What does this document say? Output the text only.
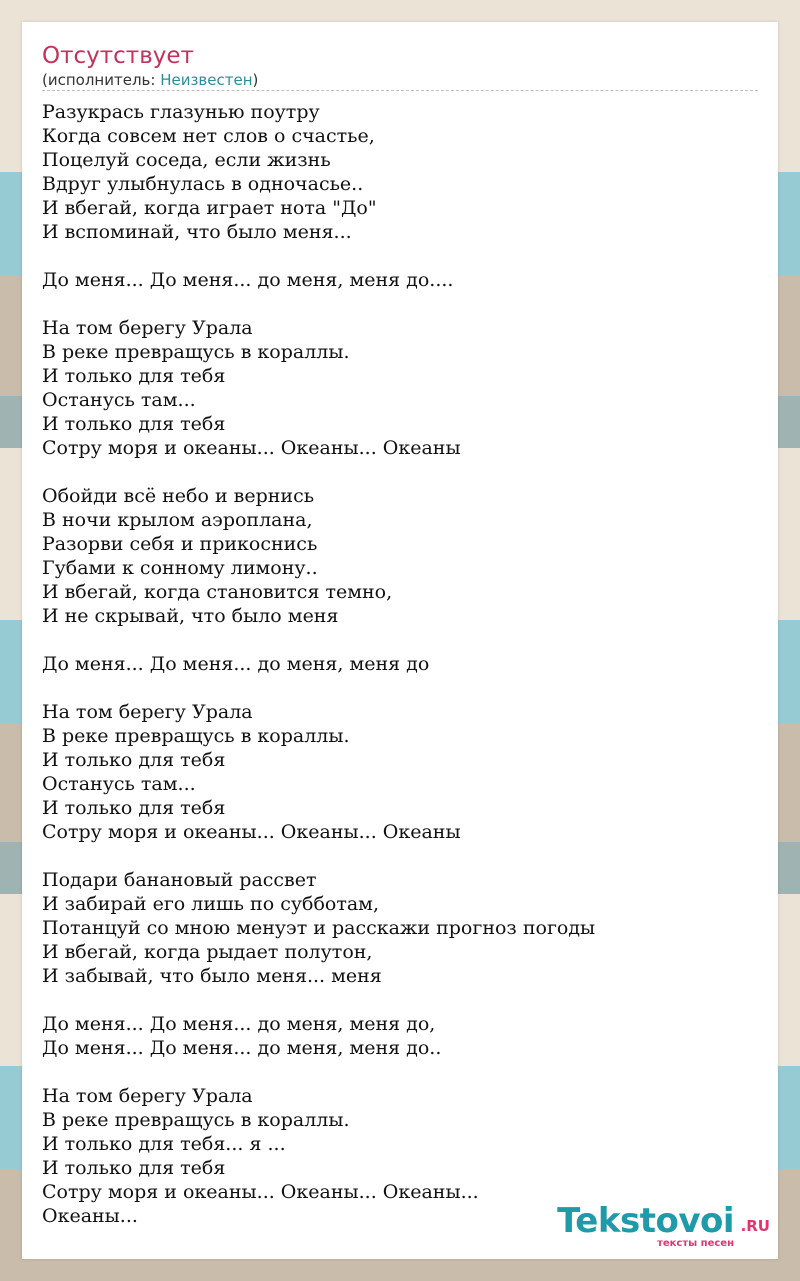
Отсутствует
(исполнитель: Неизвестен)
Разукрась глазунью поутру
Когда совсем нет слов о счастье,
Поцелуй соседа, если жизнь
Вдруг улыбнулась в одночасье..
И вбегай, когда играет нота "До"
И вспоминай, что было меня...

До меня... До меня... до меня, меня до....

На том берегу Урала
В реке превращусь в кораллы.
И только для тебя
Останусь там...
И только для тебя
Сотру моря и океаны... Океаны... Океаны

Обойди всё небо и вернись
В ночи крылом аэроплана,
Разорви себя и прикоснись
Губами к сонному лимону..
И вбегай, когда становится темно,
И не скрывай, что было меня

До меня... До меня... до меня, меня до

На том берегу Урала
В реке превращусь в кораллы.
И только для тебя
Останусь там...
И только для тебя
Сотру моря и океаны... Океаны... Океаны

Подари банановый рассвет
И забирай его лишь по субботам,
Потанцуй со мною менуэт и расскажи прогноз погоды
И вбегай, когда рыдает полутон,
И забывай, что было меня... меня

До меня... До меня... до меня, меня до,
До меня... До меня... до меня, меня до..

На том берегу Урала
В реке превращусь в кораллы.
И только для тебя... я ...
И только для тебя
Сотру моря и океаны... Океаны... Океаны...
Океаны...	Tekstovoi .RU
тексты песен
